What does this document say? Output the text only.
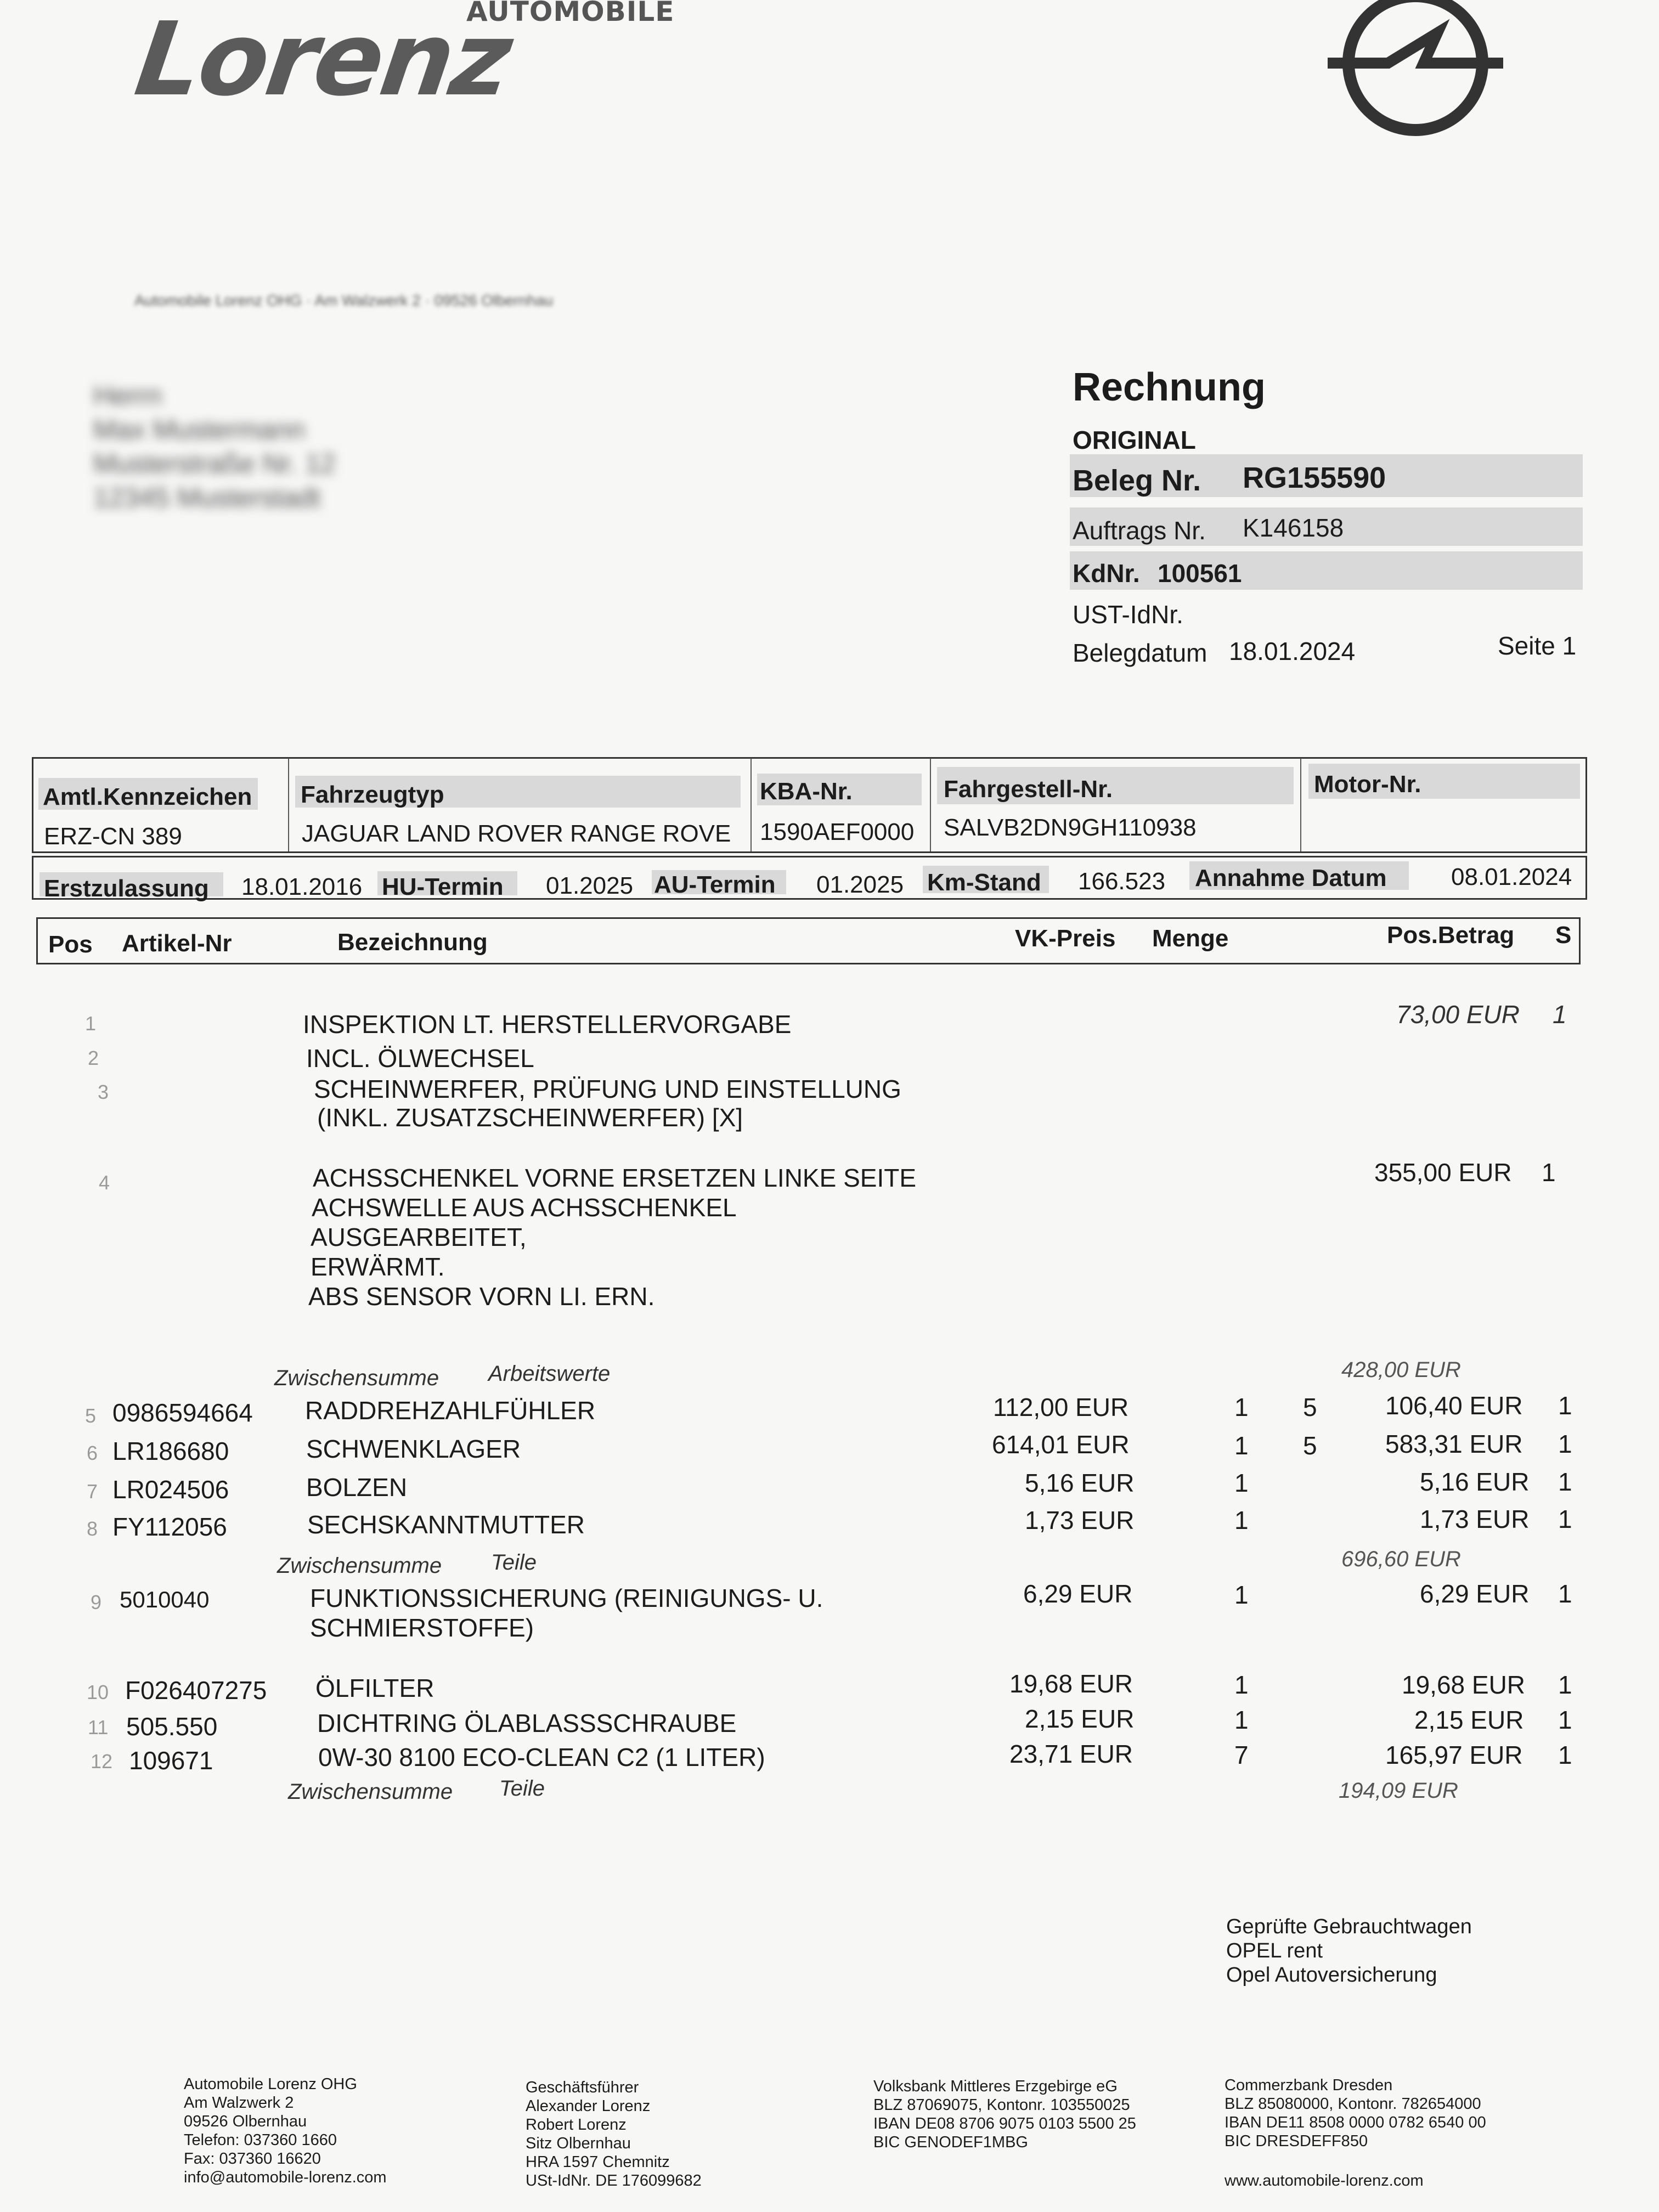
AUTOMOBILE
Lorenz
Automobile Lorenz OHG · Am Walzwerk 2 · 09526 Olbernhau
Herrn
Max Mustermann
Musterstraße Nr. 12
12345 Musterstadt
Rechnung
ORIGINAL
Beleg Nr. RG155590
Auftrags Nr. K146158
KdNr. 100561
UST-IdNr.
Belegdatum 18.01.2024	Seite 1
Amtl.Kennzeichen Fahrzeugtyp	KBA-Nr.	Fahrgestell-Nr.	Motor-Nr.
ERZ-CN 389	JAGUAR LAND ROVER RANGE ROVE 1590AEF0000 SALVB2DN9GH110938
Erstzulassung 18.01.2016 HU-Termin 01.2025 AU-Termin 01.2025 Km-Stand 166.523 Annahme Datum	08.01.2024
Pos Artikel-Nr	Bezeichnung	VK-Preis Menge	Pos.Betrag S
1	INSPEKTION LT. HERSTELLERVORGABE	73,00 EUR 1
2	INCL. ÖLWECHSEL
3	SCHEINWERFER, PRÜFUNG UND EINSTELLUNG
(INKL. ZUSATZSCHEINWERFER) [X]
4	ACHSSCHENKEL VORNE ERSETZEN LINKE SEITE
ACHSWELLE AUS ACHSSCHENKEL
AUSGEARBEITET,
ERWÄRMT.
ABS SENSOR VORN LI. ERN.
355,00 EUR 1
Zwischensumme Arbeitswerte	428,00 EUR
5 0986594664 RADDREHZAHLFÜHLER	112,00 EUR	1 5	106,40 EUR 1
6 LR186680	SCHWENKLAGER	614,01 EUR	1 5	583,31 EUR 1
7 LR024506	BOLZEN	5,16 EUR	1	5,16 EUR 1
8 FY112056	SECHSKANNTMUTTER	1,73 EUR	1	1,73 EUR 1
Zwischensumme Teile	696,60 EUR
9 5010040	FUNKTIONSSICHERUNG (REINIGUNGS- U.
SCHMIERSTOFFE)
6,29 EUR	1	6,29 EUR 1
10 F026407275 ÖLFILTER	19,68 EUR	1	19,68 EUR 1
11 505.550	DICHTRING ÖLABLASSSCHRAUBE	2,15 EUR	1	2,15 EUR 1
12 109671	0W-30 8100 ECO-CLEAN C2 (1 LITER)	23,71 EUR	7	165,97 EUR 1
Zwischensumme Teile	194,09 EUR
Geprüfte Gebrauchtwagen
OPEL rent
Opel Autoversicherung
Automobile Lorenz OHG
Am Walzwerk 2
09526 Olbernhau
Telefon: 037360 1660
Fax: 037360 16620
info@automobile-lorenz.com
Geschäftsführer
Alexander Lorenz
Robert Lorenz
Sitz Olbernhau
HRA 1597 Chemnitz
USt-IdNr. DE 176099682
Volksbank Mittleres Erzgebirge eG
BLZ 87069075, Kontonr. 103550025
IBAN DE08 8706 9075 0103 5500 25
BIC GENODEF1MBG
Commerzbank Dresden
BLZ 85080000, Kontonr. 782654000
IBAN DE11 8508 0000 0782 6540 00
BIC DRESDEFF850
www.automobile-lorenz.com
